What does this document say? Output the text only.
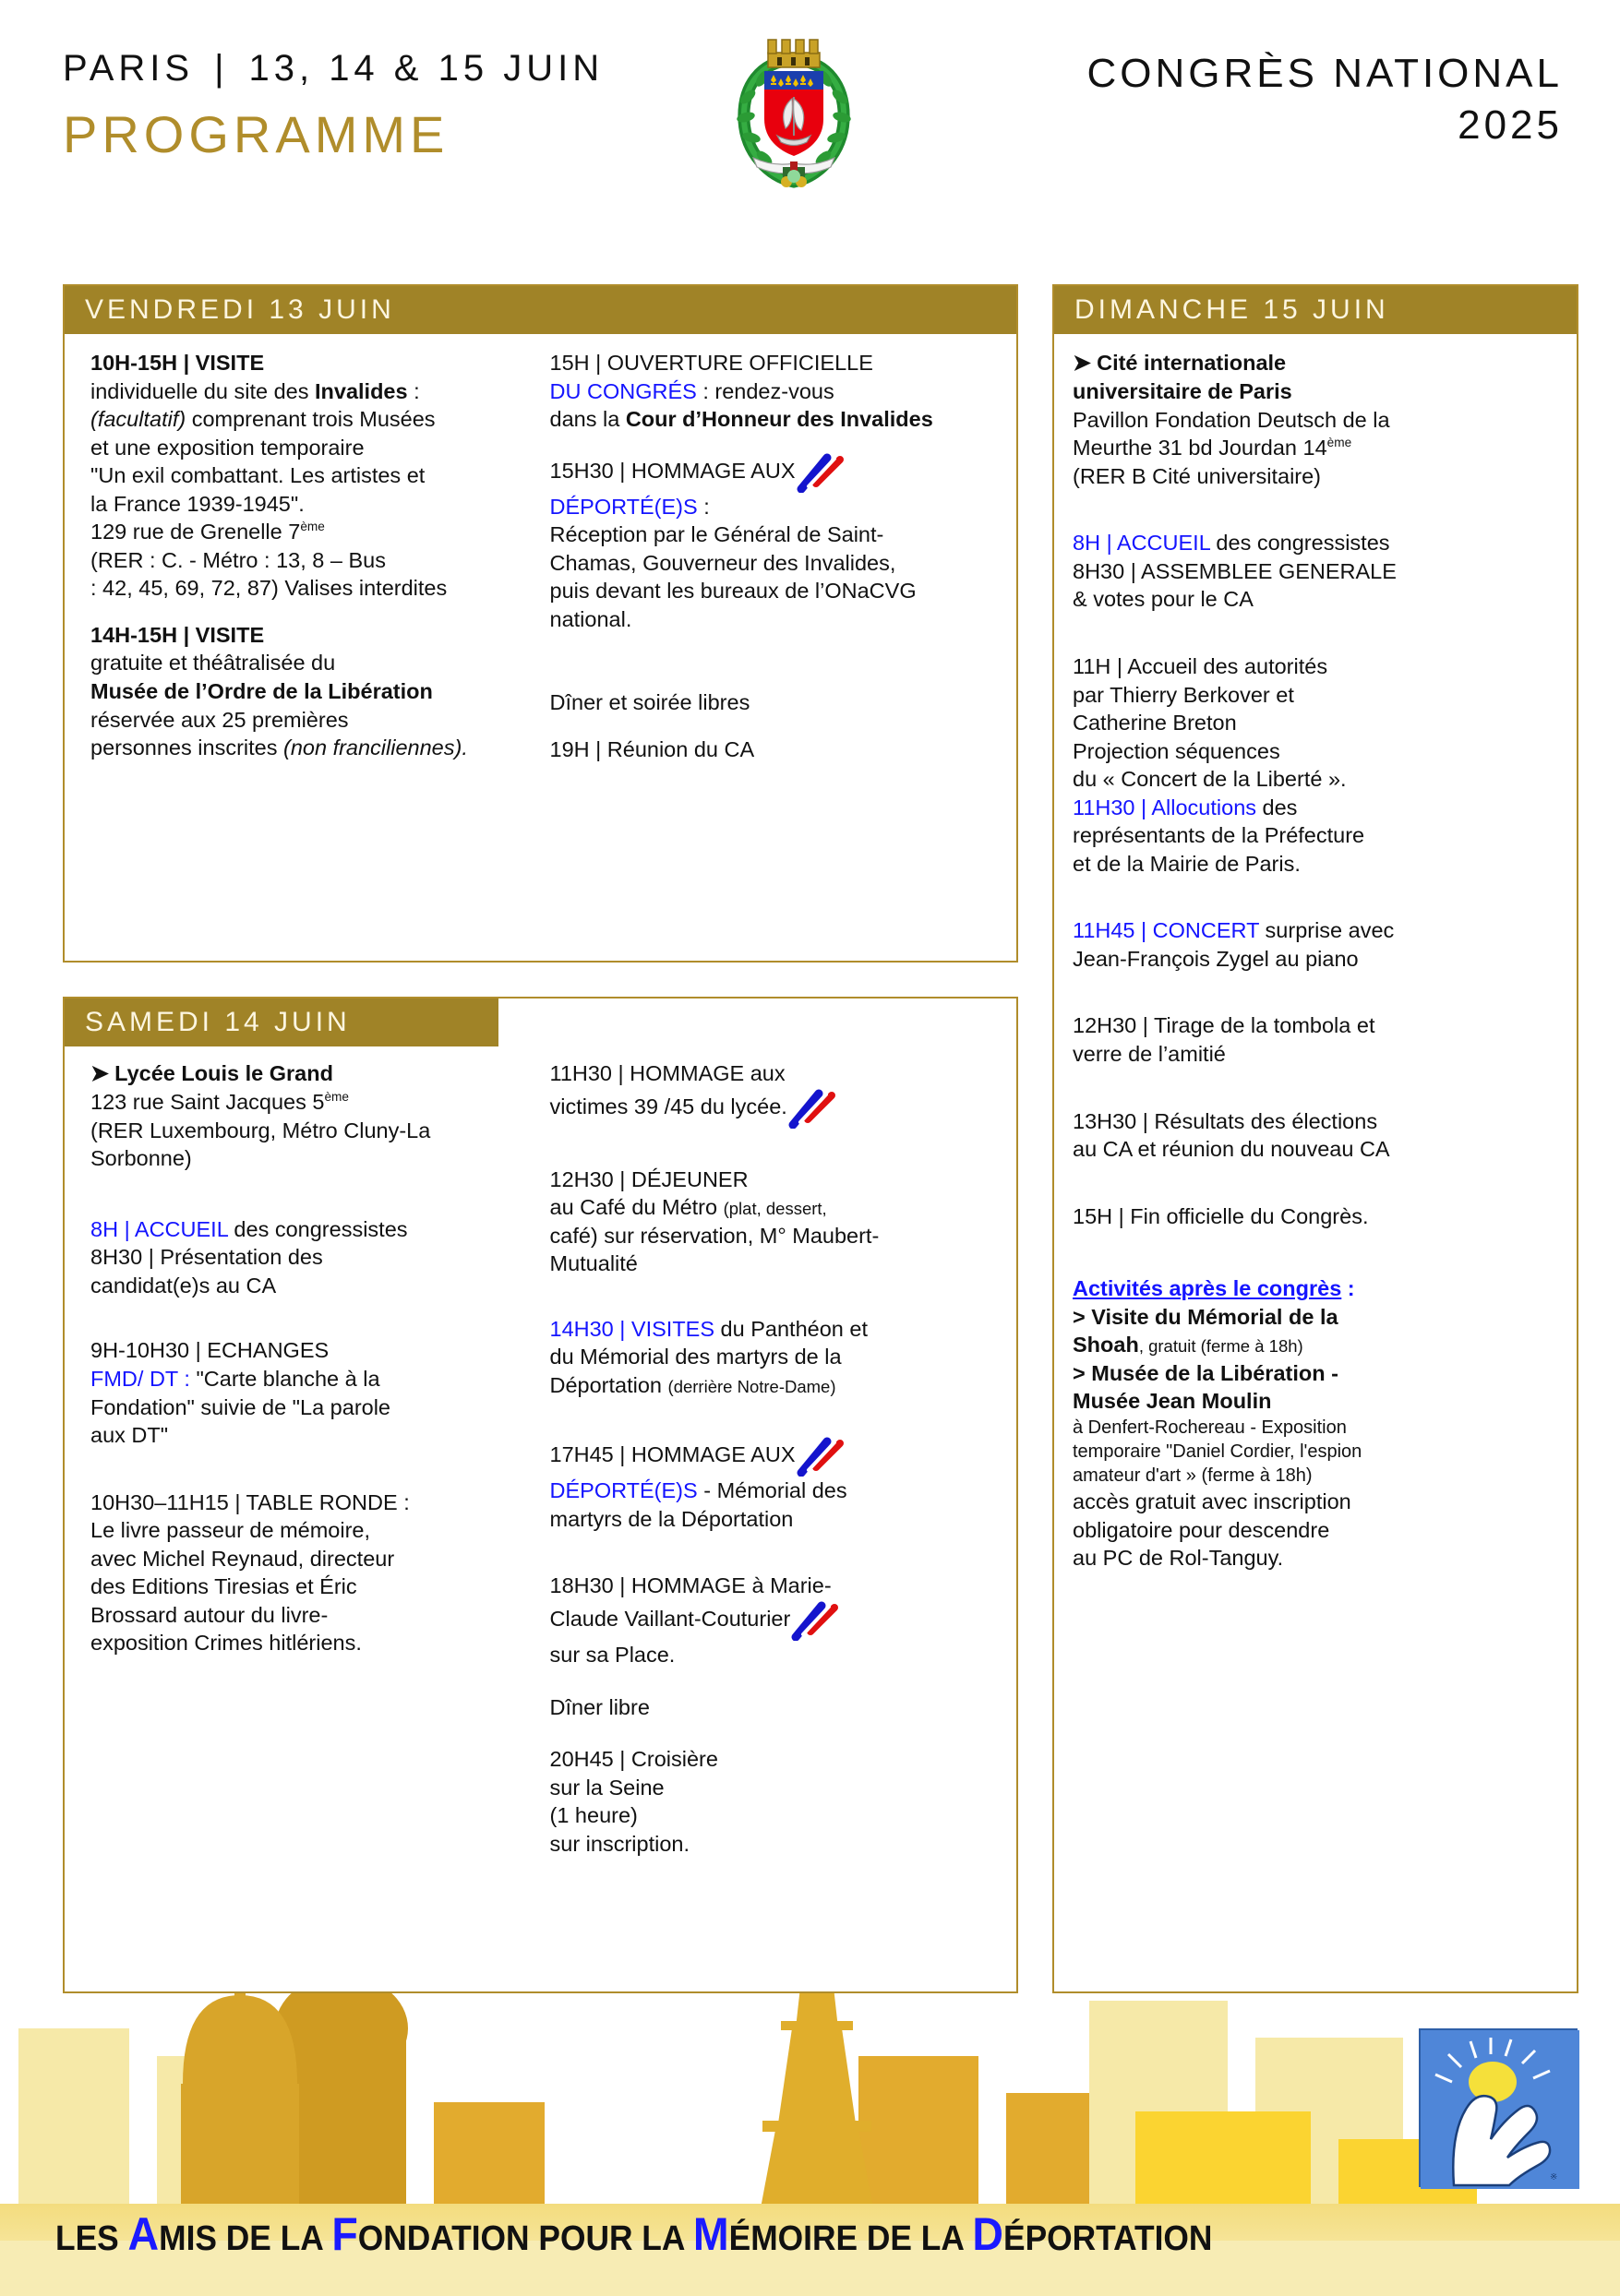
PARIS | 13, 14 & 15 JUIN
PROGRAMME
CONGRÈS NATIONAL
2025
VENDREDI 13 JUIN

10H-15H | VISITE

individuelle du site des Invalides :

(facultatif) comprenant trois Musées

et une exposition temporaire

"Un exil combattant. Les artistes et

la France 1939-1945".

129 rue de Grenelle 7ème

(RER : C. - Métro : 13, 8 – Bus

: 42, 45, 69, 72, 87) Valises interdites

14H-15H | VISITE

gratuite et théâtralisée du

Musée de l’Ordre de la Libération

réservée aux 25 premières

personnes inscrites (non franciliennes).

15H | OUVERTURE OFFICIELLE

DU CONGRÉS : rendez-vous

dans la Cour d’Honneur des Invalides

15H30 | HOMMAGE AUX

DÉPORTÉ(E)S :

Réception par le Général de Saint-

Chamas, Gouverneur des Invalides,

puis devant les bureaux de l’ONaCVG

national.

Dîner et soirée libres

19H | Réunion du CA

SAMEDI 14 JUIN

➤ Lycée Louis le Grand

123 rue Saint Jacques 5ème

(RER Luxembourg, Métro Cluny-La

Sorbonne)

8H | ACCUEIL des congressistes

8H30 | Présentation des

candidat(e)s au CA

9H-10H30 | ECHANGES

FMD/ DT : "Carte blanche à la

Fondation" suivie de "La parole

aux DT"

10H30–11H15 | TABLE RONDE :

Le livre passeur de mémoire,

avec Michel Reynaud, directeur

des Editions Tiresias et Éric

Brossard autour du livre-

exposition Crimes hitlériens.

11H30 | HOMMAGE aux

victimes 39 /45 du lycée.

12H30 | DÉJEUNER

au Café du Métro (plat, dessert,

café) sur réservation, M° Maubert-

Mutualité

14H30 | VISITES du Panthéon et

du Mémorial des martyrs de la

Déportation (derrière Notre-Dame)

17H45 | HOMMAGE AUX

DÉPORTÉ(E)S - Mémorial des

martyrs de la Déportation

18H30 | HOMMAGE à Marie-

Claude Vaillant-Couturier

sur sa Place.

Dîner libre

20H45 | Croisière

sur la Seine

(1 heure)

sur inscription.

DIMANCHE 15 JUIN

➤ Cité internationale

universitaire de Paris

Pavillon Fondation Deutsch de la

Meurthe 31 bd Jourdan 14ème

(RER B Cité universitaire)

8H | ACCUEIL des congressistes

8H30 | ASSEMBLEE GENERALE

& votes pour le CA

11H | Accueil des autorités

par Thierry Berkover et

Catherine Breton

Projection séquences

du « Concert de la Liberté ».

11H30 | Allocutions des

représentants de la Préfecture

et de la Mairie de Paris.

11H45 | CONCERT surprise avec

Jean-François Zygel au piano

12H30 | Tirage de la tombola et

verre de l’amitié

13H30 | Résultats des élections

au CA et réunion du nouveau CA

15H | Fin officielle du Congrès.

Activités après le congrès :

> Visite du Mémorial de la

Shoah, gratuit (ferme à 18h)

> Musée de la Libération -

Musée Jean Moulin

à Denfert-Rochereau - Exposition

temporaire "Daniel Cordier, l'espion

amateur d'art » (ferme à 18h)

accès gratuit avec inscription

obligatoire pour descendre

au PC de Rol-Tanguy.

※
LES AMIS DE LA FONDATION POUR LA MÉMOIRE DE LA DÉPORTATION
